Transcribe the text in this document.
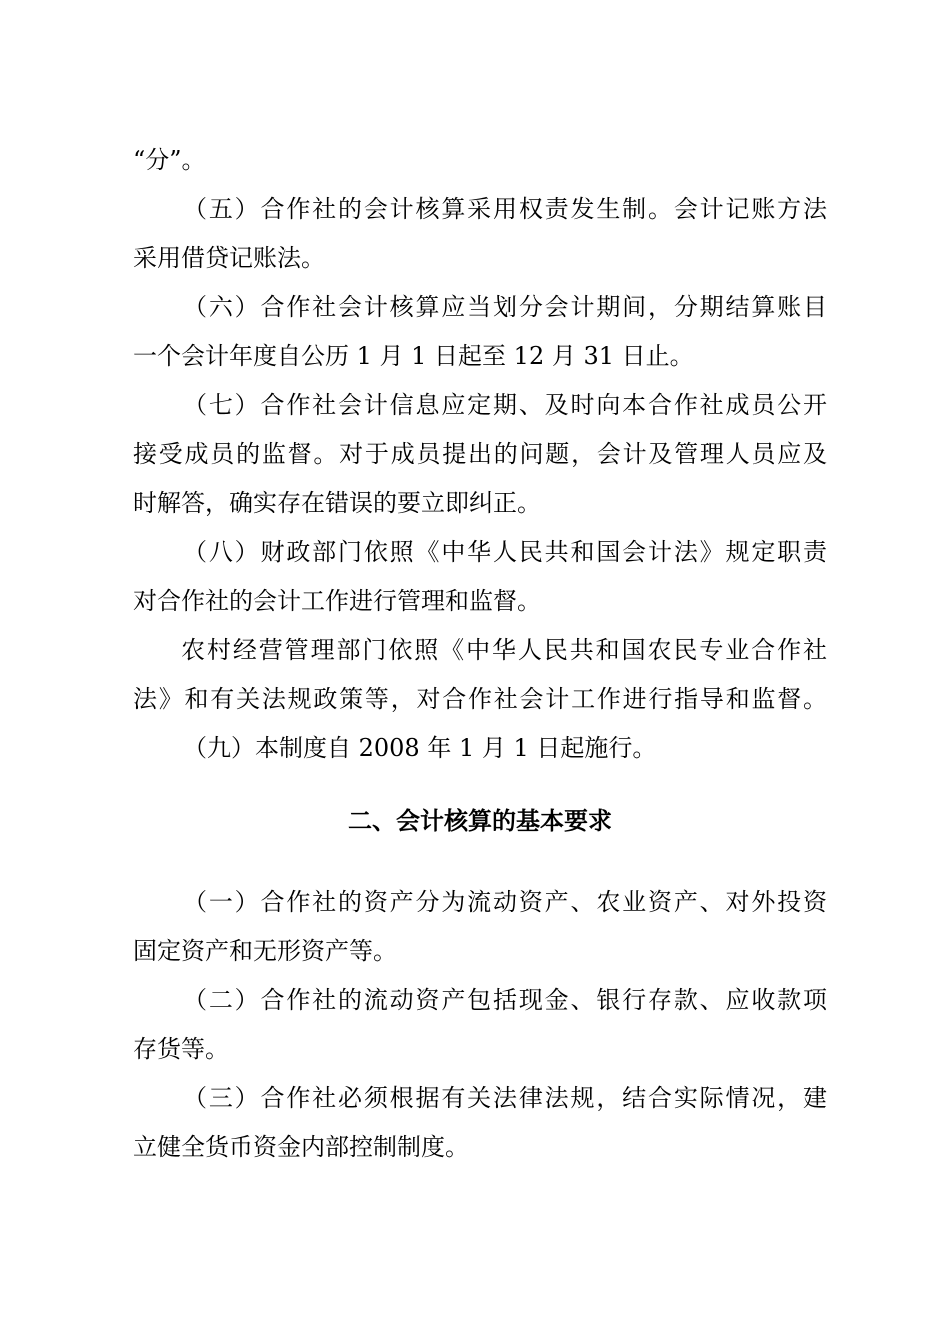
“分”。
（五）合作社的会计核算采用权责发生制。会计记账方法
采用借贷记账法。
（六）合作社会计核算应当划分会计期间，分期结算账目
一个会计年度自公历 1 月 1 日起至 12 月 31 日止。
（七）合作社会计信息应定期、及时向本合作社成员公开
接受成员的监督。对于成员提出的问题，会计及管理人员应及
时解答，确实存在错误的要立即纠正。
（八）财政部门依照《中华人民共和国会计法》规定职责
对合作社的会计工作进行管理和监督。
农村经营管理部门依照《中华人民共和国农民专业合作社
法》和有关法规政策等，对合作社会计工作进行指导和监督。
（九）本制度自 2008 年 1 月 1 日起施行。
二、会计核算的基本要求
（一）合作社的资产分为流动资产、农业资产、对外投资
固定资产和无形资产等。
（二）合作社的流动资产包括现金、银行存款、应收款项
存货等。
（三）合作社必须根据有关法律法规，结合实际情况，建
立健全货币资金内部控制制度。
